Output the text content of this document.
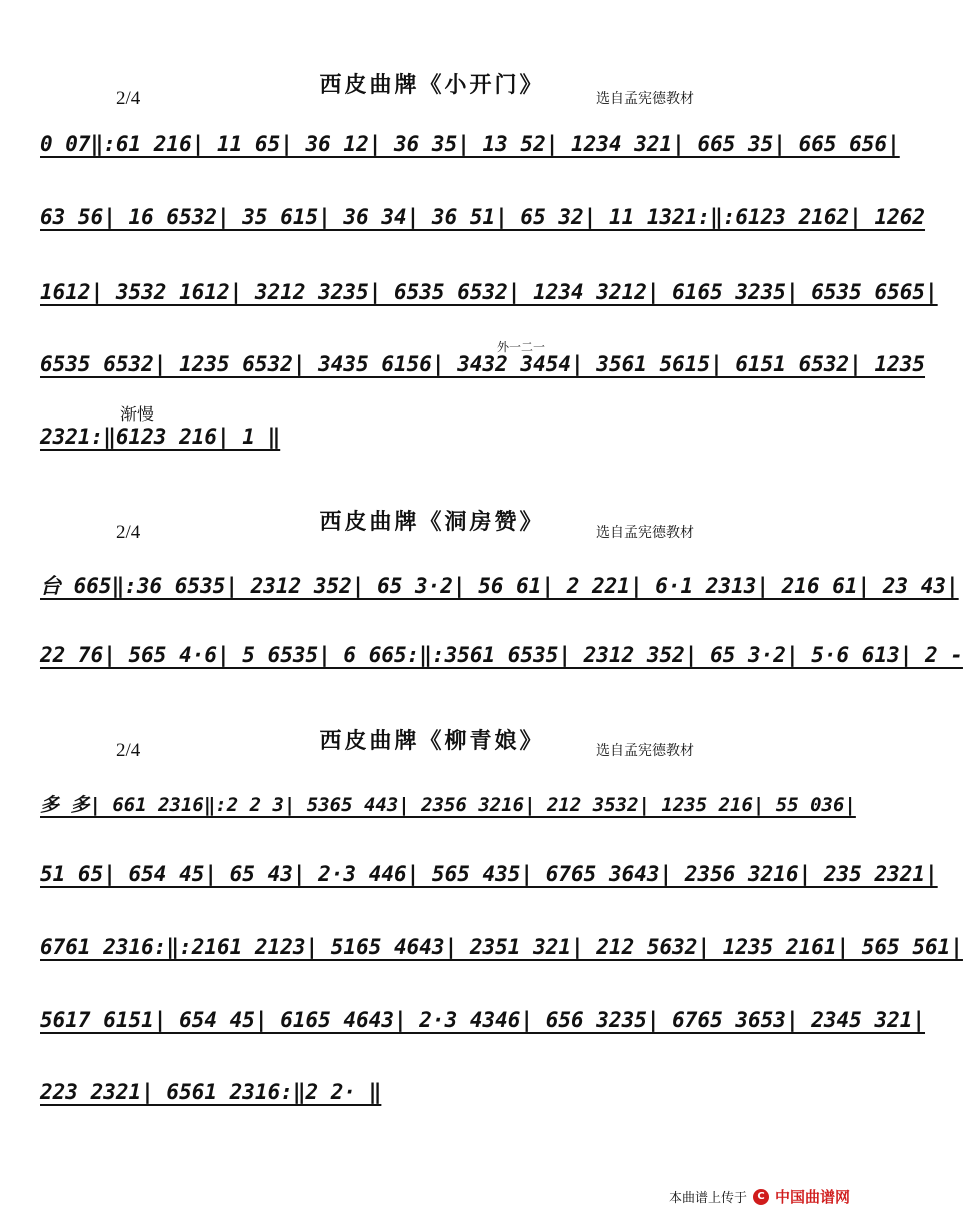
西皮曲牌《小开门》
2/4	选自孟宪德教材
0 07‖:61 216| 11 65| 36 12| 36 35| 13 52| 1234 321| 665 35| 665 656|
63 56| 16 6532| 35 615| 36 34| 36 51| 65 32| 11 1321:‖:6123 2162| 1262
1612| 3532 1612| 3212 3235| 6535 6532| 1234 3212| 6165 3235| 6535 6565|
外一二一
6535 6532| 1235 6532| 3435 6156| 3432 3454| 3561 5615| 6151 6532| 1235
渐慢
2321:‖6123 216| 1 ‖
西皮曲牌《洞房赞》
2/4	选自孟宪德教材
台 665‖:36 6535| 2312 352| 65 3·2| 56 61| 2 221| 6·1 2313| 216 61| 23 43|
22 76| 565 4·6| 5 6535| 6 665:‖:3561 6535| 2312 352| 65 3·2| 5·6 613| 2 -
西皮曲牌《柳青娘》
2/4	选自孟宪德教材
多 多| 661 2316‖:2 2 3| 5365 443| 2356 3216| 212 3532| 1235 216| 55 036|
51 65| 654 45| 65 43| 2·3 446| 565 435| 6765 3643| 2356 3216| 235 2321|
6761 2316:‖:2161 2123| 5165 4643| 2351 321| 212 5632| 1235 2161| 565 561|
5617 6151| 654 45| 6165 4643| 2·3 4346| 656 3235| 6765 3653| 2345 321|
223 2321| 6561 2316:‖2 2· ‖
本曲谱上传于	C 中国曲谱网
